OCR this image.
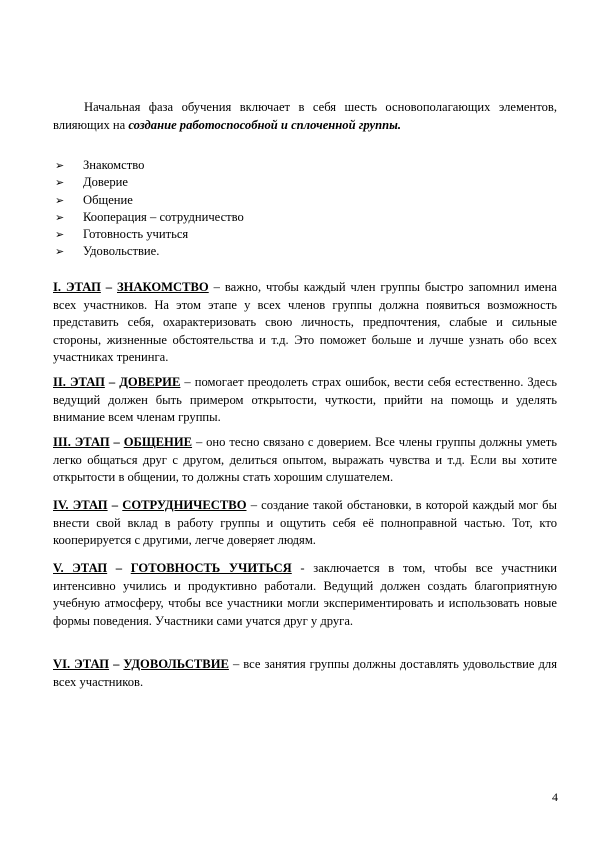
Начальная фаза обучения включает в себя шесть основополагающих элементов, влияющих на создание работоспособной и сплоченной группы.

➢	Знакомство
➢	Доверие
➢	Общение
➢	Кооперация – сотрудничество
➢	Готовность учиться
➢	Удовольствие.

I. ЭТАП – ЗНАКОМСТВО – важно, чтобы каждый член группы быстро запомнил имена всех участников. На этом этапе у всех членов группы должна появиться возможность представить себя, охарактеризовать свою личность, предпочтения, слабые и сильные стороны, жизненные обстоятельства и т.д. Это поможет больше и лучше узнать обо всех участниках тренинга.

II. ЭТАП – ДОВЕРИЕ – помогает преодолеть страх ошибок, вести себя естественно. Здесь ведущий должен быть примером открытости, чуткости, прийти на помощь и уделять внимание всем членам группы.

III. ЭТАП – ОБЩЕНИЕ – оно тесно связано с доверием. Все члены группы должны уметь легко общаться друг с другом, делиться опытом, выражать чувства и т.д. Если вы хотите открытости в общении, то должны стать хорошим слушателем.

IV. ЭТАП – СОТРУДНИЧЕСТВО – создание такой обстановки, в которой каждый мог бы внести свой вклад в работу группы и ощутить себя её полноправной частью. Тот, кто кооперируется с другими, легче доверяет людям.

V. ЭТАП – ГОТОВНОСТЬ УЧИТЬСЯ - заключается в том, чтобы все участники интенсивно учились и продуктивно работали. Ведущий должен создать благоприятную учебную атмосферу, чтобы все участники могли экспериментировать и использовать новые формы поведения. Участники сами учатся друг у друга.

VI. ЭТАП – УДОВОЛЬСТВИЕ – все занятия группы должны доставлять удовольствие для всех участников.

4
